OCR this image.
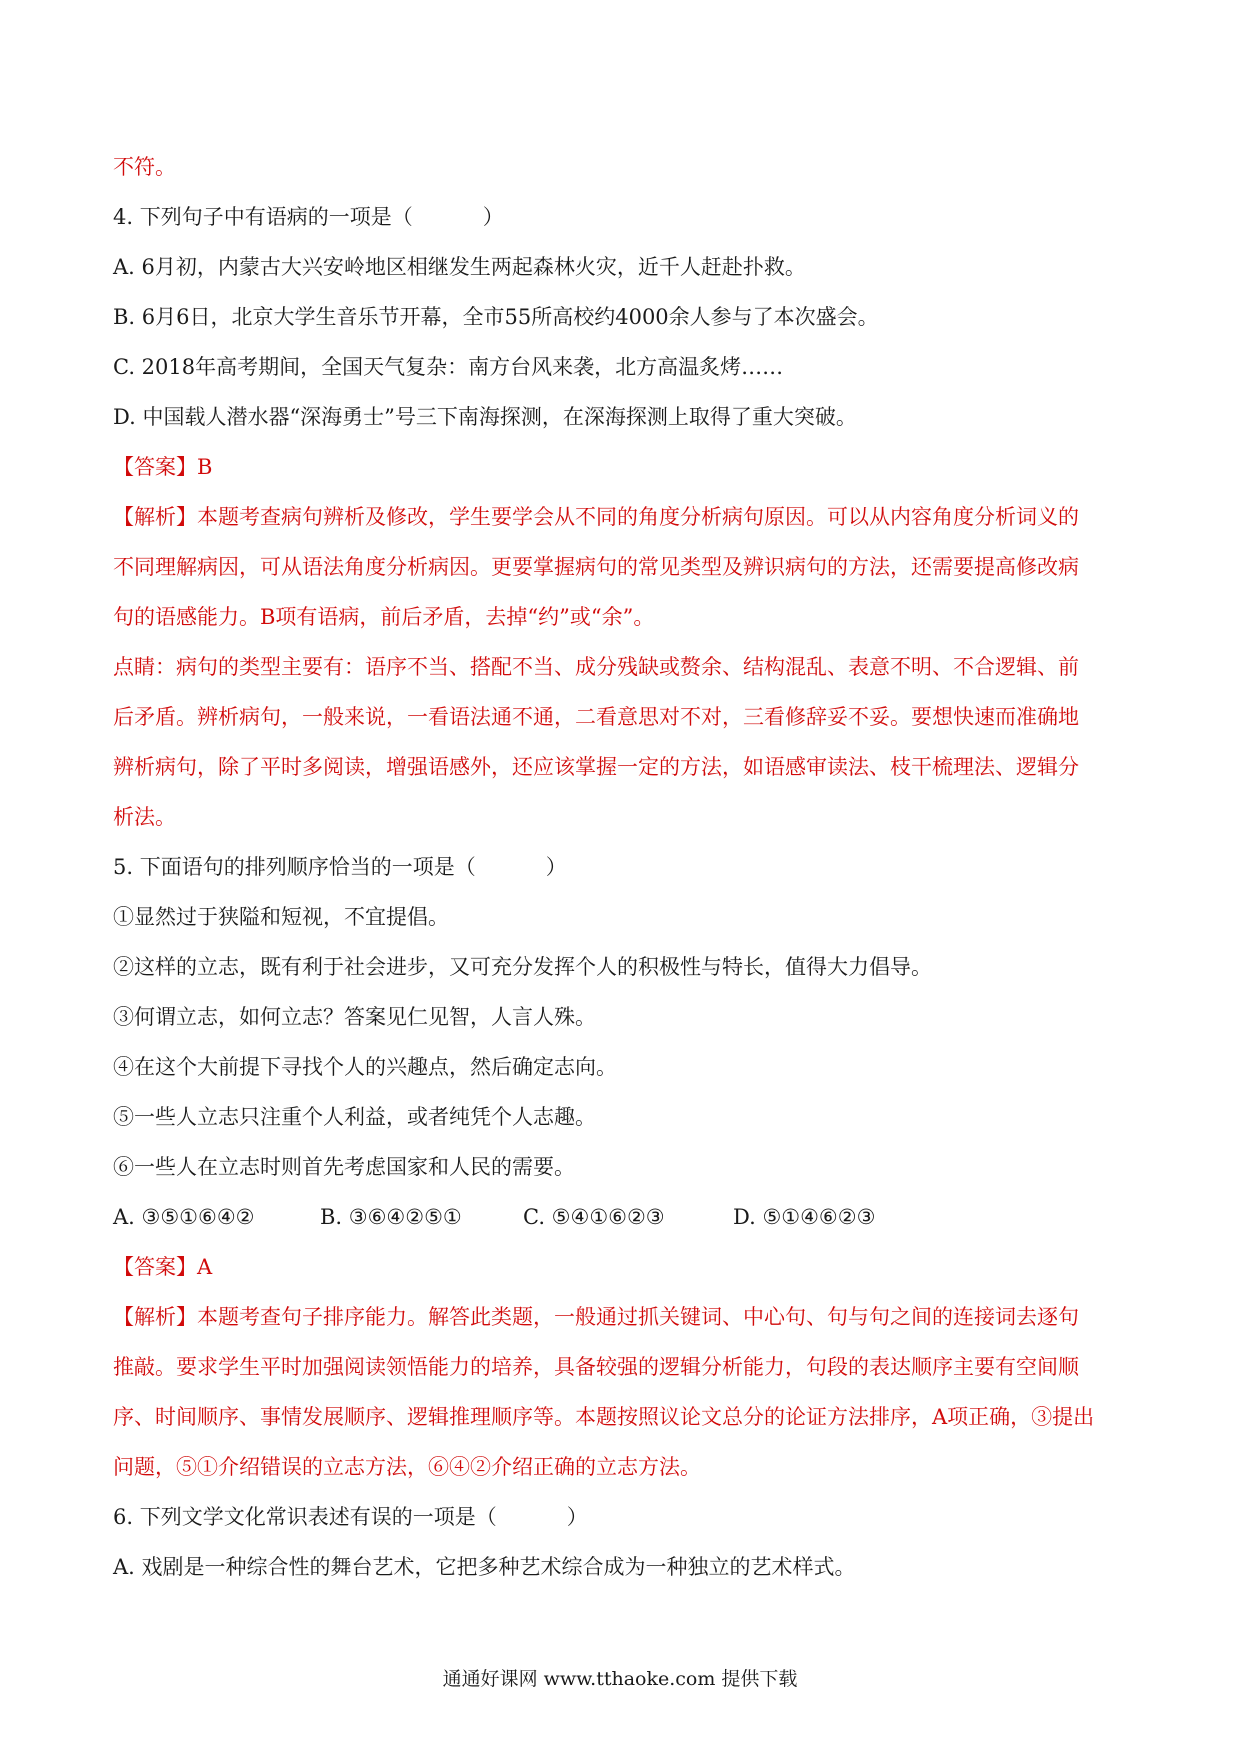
不符。
4. 下列句子中有语病的一项是（	）
A. 6月初，内蒙古大兴安岭地区相继发生两起森林火灾，近千人赶赴扑救。
B. 6月6日，北京大学生音乐节开幕，全市55所高校约4000余人参与了本次盛会。
C. 2018年高考期间，全国天气复杂：南方台风来袭，北方高温炙烤……
D. 中国载人潜水器“深海勇士”号三下南海探测，在深海探测上取得了重大突破。
【答案】B
【解析】本题考查病句辨析及修改，学生要学会从不同的角度分析病句原因。可以从内容角度分析词义的
不同理解病因，可从语法角度分析病因。更要掌握病句的常见类型及辨识病句的方法，还需要提高修改病
句的语感能力。B项有语病，前后矛盾，去掉“约”或“余”。
点睛：病句的类型主要有：语序不当、搭配不当、成分残缺或赘余、结构混乱、表意不明、不合逻辑、前
后矛盾。辨析病句，一般来说，一看语法通不通，二看意思对不对，三看修辞妥不妥。要想快速而准确地
辨析病句，除了平时多阅读，增强语感外，还应该掌握一定的方法，如语感审读法、枝干梳理法、逻辑分
析法。
5. 下面语句的排列顺序恰当的一项是（	）
①显然过于狭隘和短视，不宜提倡。
②这样的立志，既有利于社会进步，又可充分发挥个人的积极性与特长，值得大力倡导。
③何谓立志，如何立志？答案见仁见智，人言人殊。
④在这个大前提下寻找个人的兴趣点，然后确定志向。
⑤一些人立志只注重个人利益，或者纯凭个人志趣。
⑥一些人在立志时则首先考虑国家和人民的需要。
A. ③⑤①⑥④②	B. ③⑥④②⑤①	C. ⑤④①⑥②③	D. ⑤①④⑥②③
【答案】A
【解析】本题考查句子排序能力。解答此类题，一般通过抓关键词、中心句、句与句之间的连接词去逐句
推敲。要求学生平时加强阅读领悟能力的培养，具备较强的逻辑分析能力，句段的表达顺序主要有空间顺
序、时间顺序、事情发展顺序、逻辑推理顺序等。本题按照议论文总分的论证方法排序，A项正确，③提出
问题，⑤①介绍错误的立志方法，⑥④②介绍正确的立志方法。
6. 下列文学文化常识表述有误的一项是（	）
A. 戏剧是一种综合性的舞台艺术，它把多种艺术综合成为一种独立的艺术样式。
通通好课网 www.tthaoke.com 提供下载
